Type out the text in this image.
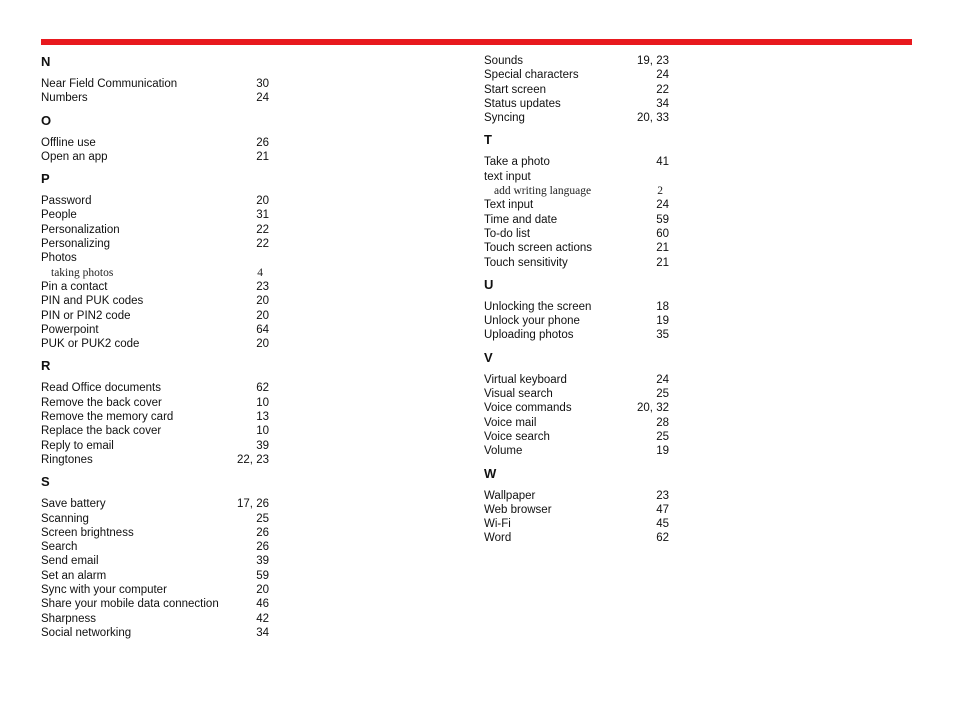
N
Near Field Communication	30
Numbers	24
O
Offline use	26
Open an app	21
P
Password	20
People	31
Personalization	22
Personalizing	22
Photos
taking photos	4
Pin a contact	23
PIN and PUK codes	20
PIN or PIN2 code	20
Powerpoint	64
PUK or PUK2 code	20
R
Read Office documents	62
Remove the back cover	10
Remove the memory card	13
Replace the back cover	10
Reply to email	39
Ringtones	22, 23
S
Save battery	17, 26
Scanning	25
Screen brightness	26
Search	26
Send email	39
Set an alarm	59
Sync with your computer	20
Share your mobile data connection	46
Sharpness	42
Social networking	34
Sounds	19, 23
Special characters	24
Start screen	22
Status updates	34
Syncing	20, 33
T
Take a photo	41
text input
add writing language	2
Text input	24
Time and date	59
To-do list	60
Touch screen actions	21
Touch sensitivity	21
U
Unlocking the screen	18
Unlock your phone	19
Uploading photos	35
V
Virtual keyboard	24
Visual search	25
Voice commands	20, 32
Voice mail	28
Voice search	25
Volume	19
W
Wallpaper	23
Web browser	47
Wi-Fi	45
Word	62
